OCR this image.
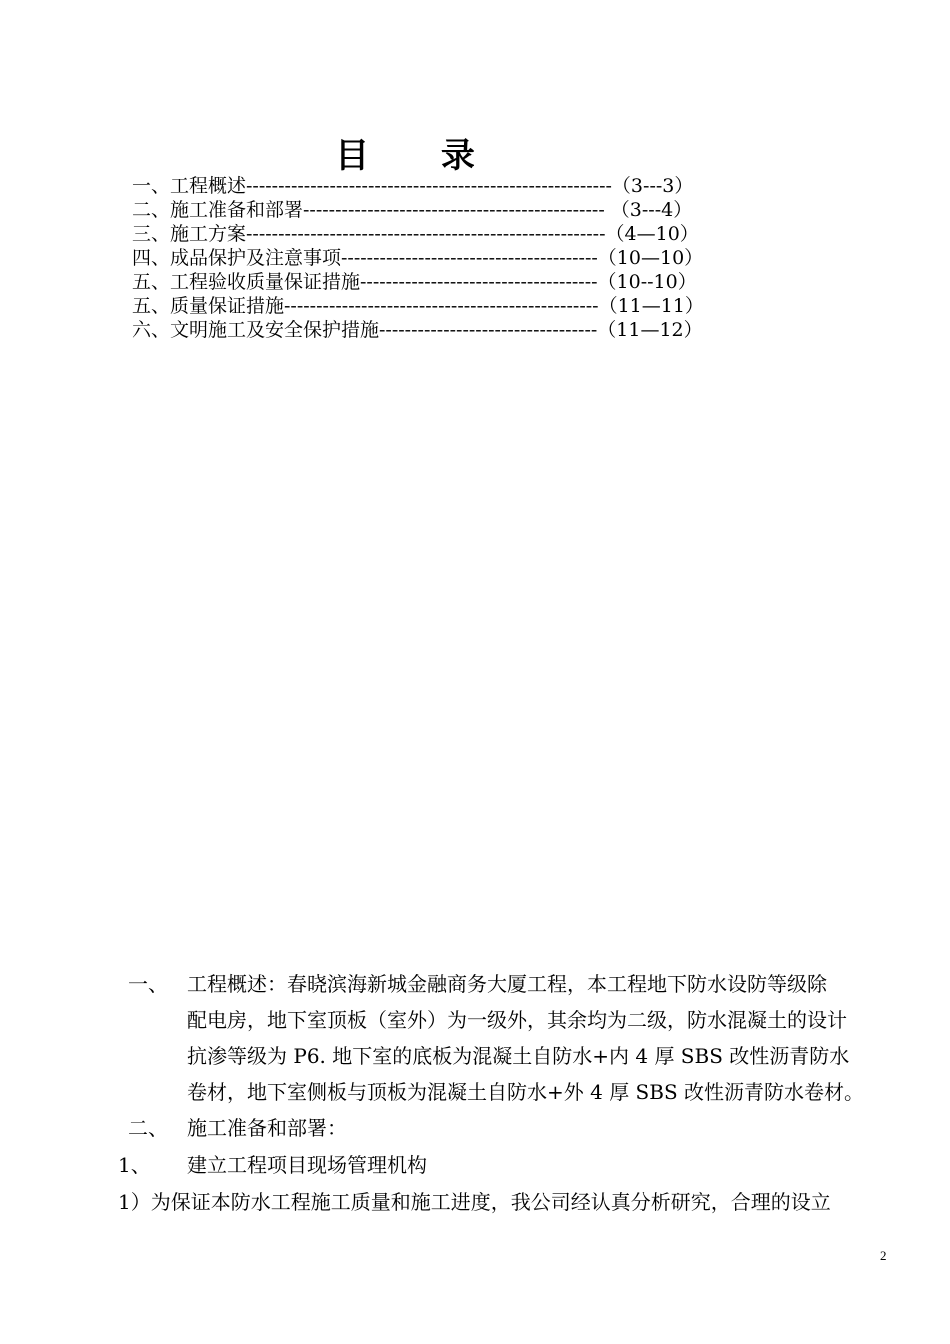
目 录
一、工程概述---------------------------------------------------------（3---3）
二、施工准备和部署----------------------------------------------- （3---4）
三、施工方案--------------------------------------------------------（4—10）
四、成品保护及注意事项----------------------------------------（10—10）
五、工程验收质量保证措施-------------------------------------（10--10）
五、质量保证措施-------------------------------------------------（11—11）
六、文明施工及安全保护措施----------------------------------（11—12）
一、 工程概述：春晓滨海新城金融商务大厦工程，本工程地下防水设防等级除
配电房，地下室顶板（室外）为一级外，其余均为二级，防水混凝土的设计
抗渗等级为 P6. 地下室的底板为混凝土自防水+内 4 厚 SBS 改性沥青防水
卷材，地下室侧板与顶板为混凝土自防水+外 4 厚 SBS 改性沥青防水卷材。
二、 施工准备和部署：
1、 建立工程项目现场管理机构
1）为保证本防水工程施工质量和施工进度，我公司经认真分析研究，合理的设立
2
